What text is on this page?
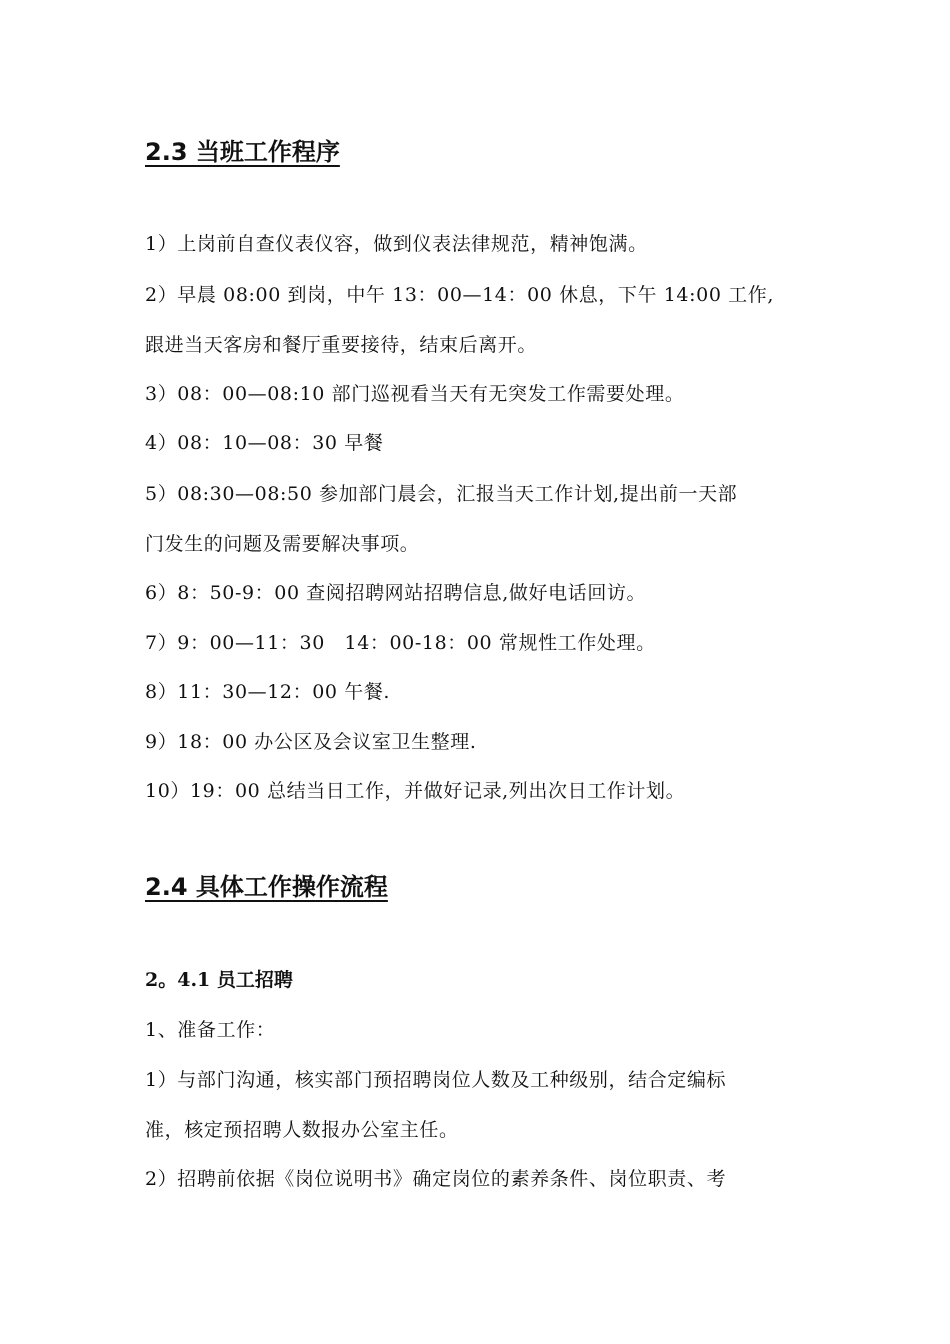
2.3 当班工作程序
1）上岗前自查仪表仪容，做到仪表法律规范，精神饱满。
2）早晨 08:00 到岗，中午 13：00—14：00 休息，下午 14:00 工作,
跟进当天客房和餐厅重要接待，结束后离开。
3）08：00—08:10 部门巡视看当天有无突发工作需要处理。
4）08：10—08：30 早餐
5）08:30—08:50 参加部门晨会，汇报当天工作计划,提出前一天部
门发生的问题及需要解决事项。
6）8：50-9：00 查阅招聘网站招聘信息,做好电话回访。
7）9：00—11：30　14：00-18：00 常规性工作处理。
8）11：30—12：00 午餐.
9）18：00 办公区及会议室卫生整理.
10）19：00 总结当日工作，并做好记录,列出次日工作计划。
2.4 具体工作操作流程
2。4.1 员工招聘
1、准备工作：
1）与部门沟通，核实部门预招聘岗位人数及工种级别，结合定编标
准，核定预招聘人数报办公室主任。
2）招聘前依据《岗位说明书》确定岗位的素养条件、岗位职责、考
